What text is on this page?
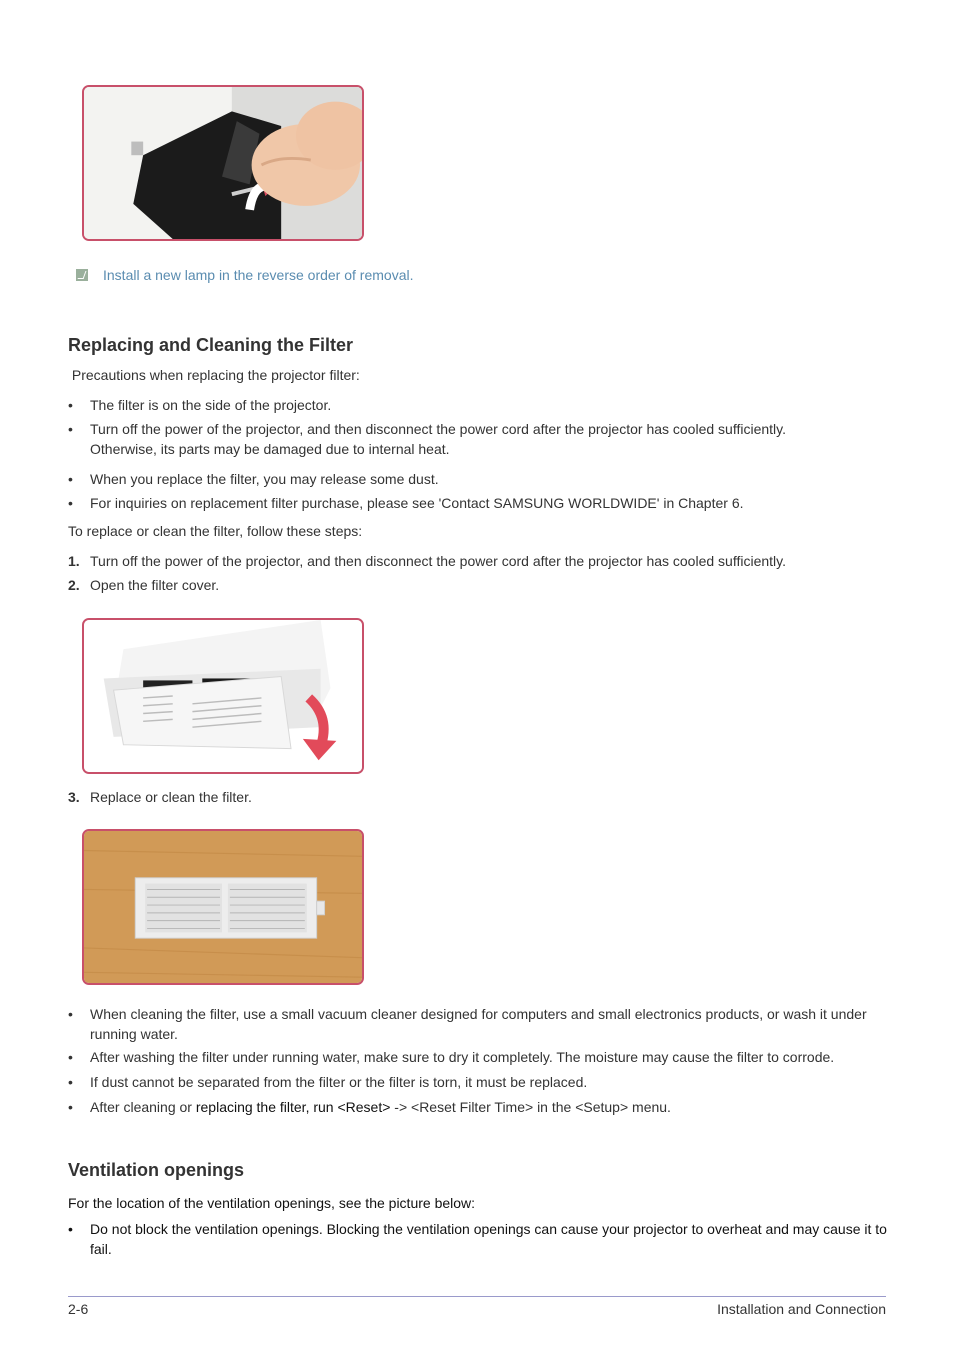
Install a new lamp in the reverse order of removal.
Replacing and Cleaning the Filter
Precautions when replacing the projector filter:
• The filter is on the side of the projector.
• Turn off the power of the projector, and then disconnect the power cord after the projector has cooled sufficiently.
Otherwise, its parts may be damaged due to internal heat.
• When you replace the filter, you may release some dust.
• For inquiries on replacement filter purchase, please see 'Contact SAMSUNG WORLDWIDE' in Chapter 6.
To replace or clean the filter, follow these steps:
1. Turn off the power of the projector, and then disconnect the power cord after the projector has cooled sufficiently.
2. Open the filter cover.
3. Replace or clean the filter.
• When cleaning the filter, use a small vacuum cleaner designed for computers and small electronics products, or wash it under running water.
• After washing the filter under running water, make sure to dry it completely. The moisture may cause the filter to corrode.
• If dust cannot be separated from the filter or the filter is torn, it must be replaced.
• After cleaning or replacing the filter, run <Reset> -> <Reset Filter Time> in the <Setup> menu.
Ventilation openings
For the location of the ventilation openings, see the picture below:
• Do not block the ventilation openings. Blocking the ventilation openings can cause your projector to overheat and may cause it to fail.
2-6	Installation and Connection
